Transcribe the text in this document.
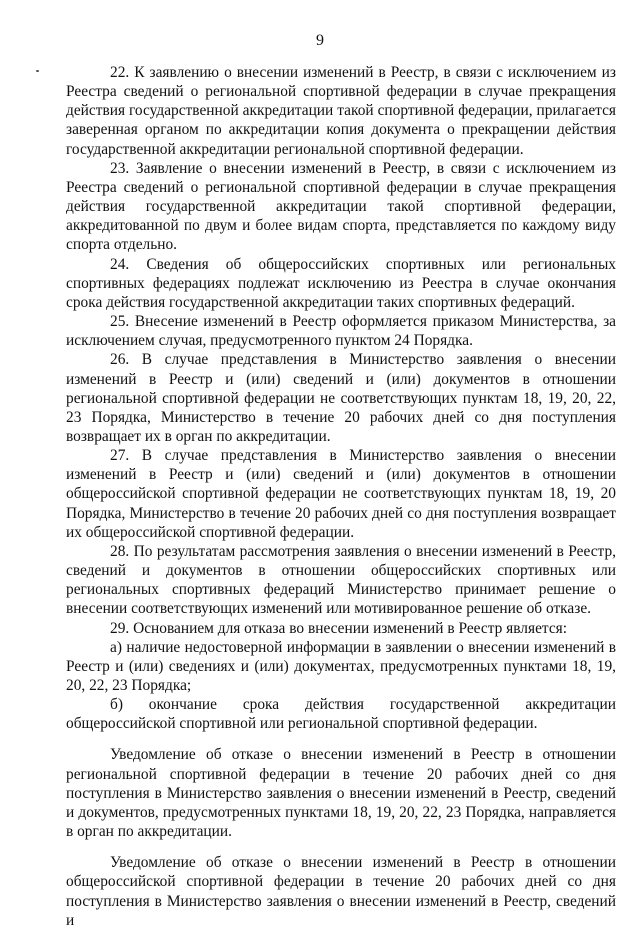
9

22. К заявлению о внесении изменений в Реестр, в связи с исключением из Реестра сведений о региональной спортивной федерации в случае прекращения действия государственной аккредитации такой спортивной федерации, прилагается заверенная органом по аккредитации копия документа о прекращении действия государственной аккредитации региональной спортивной федерации.

23. Заявление о внесении изменений в Реестр, в связи с исключением из Реестра сведений о региональной спортивной федерации в случае прекращения действия государственной аккредитации такой спортивной федерации, аккредитованной по двум и более видам спорта, представляется по каждому виду спорта отдельно.

24. Сведения об общероссийских спортивных или региональных спортивных федерациях подлежат исключению из Реестра в случае окончания срока действия государственной аккредитации таких спортивных федераций.

25. Внесение изменений в Реестр оформляется приказом Министерства, за исключением случая, предусмотренного пунктом 24 Порядка.

26. В случае представления в Министерство заявления о внесении изменений в Реестр и (или) сведений и (или) документов в отношении региональной спортивной федерации не соответствующих пунктам 18, 19, 20, 22, 23 Порядка, Министерство в течение 20 рабочих дней со дня поступления возвращает их в орган по аккредитации.

27. В случае представления в Министерство заявления о внесении изменений в Реестр и (или) сведений и (или) документов в отношении общероссийской спортивной федерации не соответствующих пунктам 18, 19, 20 Порядка, Министерство в течение 20 рабочих дней со дня поступления возвращает их общероссийской спортивной федерации.

28. По результатам рассмотрения заявления о внесении изменений в Реестр, сведений и документов в отношении общероссийских спортивных или региональных спортивных федераций Министерство принимает решение о внесении соответствующих изменений или мотивированное решение об отказе.

29. Основанием для отказа во внесении изменений в Реестр является:

а) наличие недостоверной информации в заявлении о внесении изменений в Реестр и (или) сведениях и (или) документах, предусмотренных пунктами 18, 19, 20, 22, 23 Порядка;

б) окончание срока действия государственной аккредитации общероссийской спортивной или региональной спортивной федерации.

Уведомление об отказе о внесении изменений в Реестр в отношении региональной спортивной федерации в течение 20 рабочих дней со дня поступления в Министерство заявления о внесении изменений в Реестр, сведений и документов, предусмотренных пунктами 18, 19, 20, 22, 23 Порядка, направляется в орган по аккредитации.

Уведомление об отказе о внесении изменений в Реестр в отношении общероссийской спортивной федерации в течение 20 рабочих дней со дня поступления в Министерство заявления о внесении изменений в Реестр, сведений и
